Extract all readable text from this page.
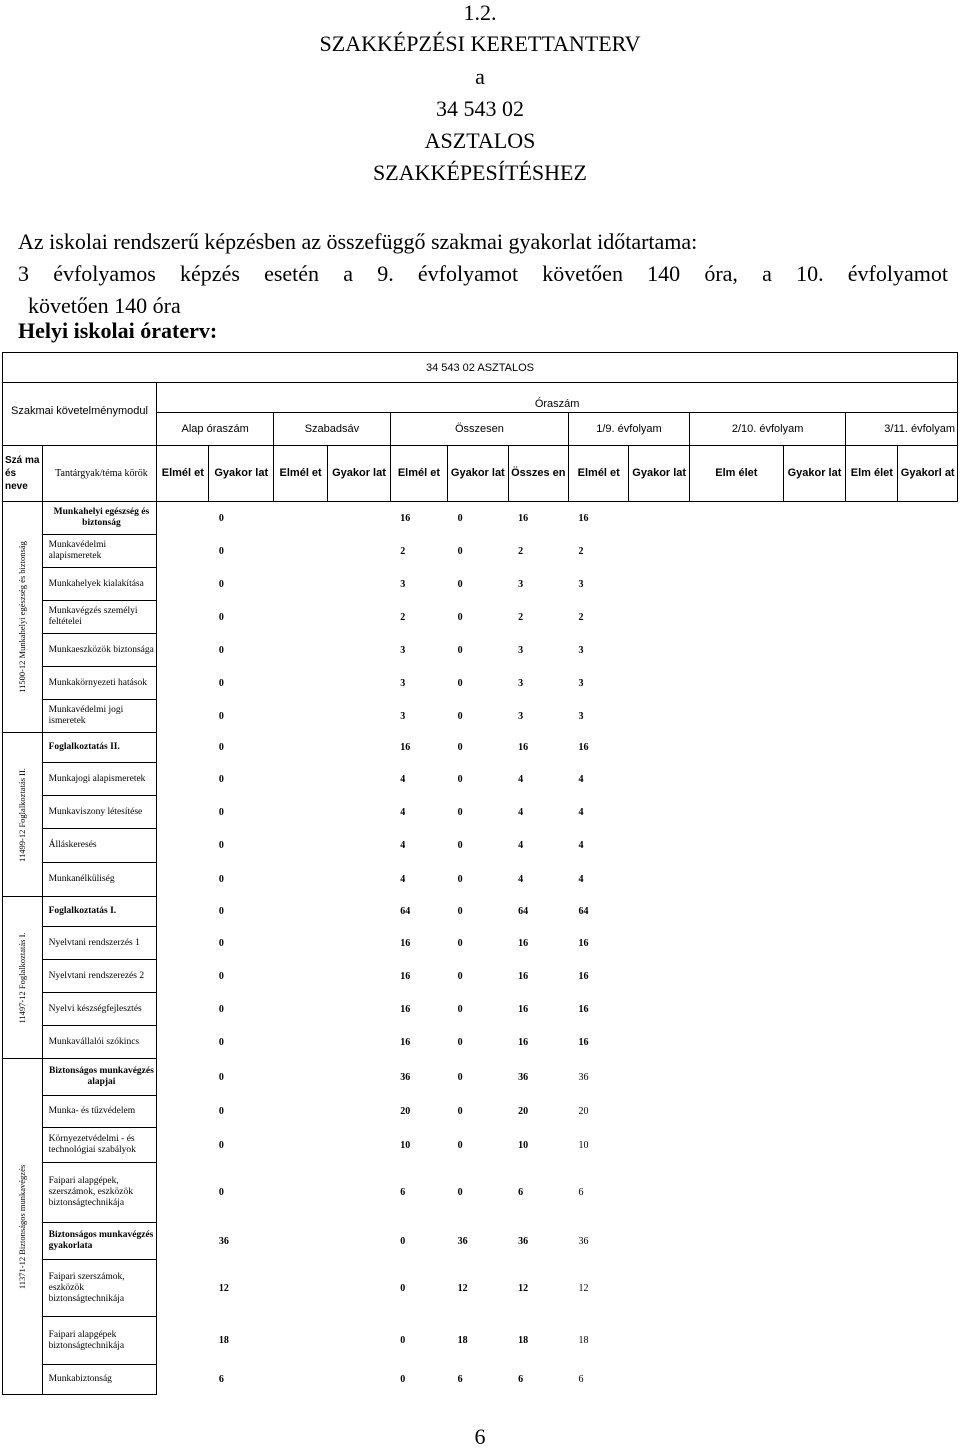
1.2.
SZAKKÉPZÉSI KERETTANTERV
a
34 543 02
ASZTALOS
SZAKKÉPESÍTÉSHEZ
Az iskolai rendszerű képzésben az összefüggő szakmai gyakorlat időtartama:
3 évfolyamos képzés esetén a 9. évfolyamot követően 140 óra, a 10. évfolyamot
követően 140 óra
Helyi iskolai óraterv:
34 543 02 ASZTALOS														
Szakmai követelménymodul		Óraszám												
		Alap óraszám		Szabadsáv		Összesen			1/9. évfolyam		2/10. évfolyam		3/11. évfolyam	
Szá ma és neve	Tantárgyak/téma körök	Elmél et	Gyakor lat	Elmél et	Gyakor lat	Elmél et	Gyakor lat	Összes en	Elmél et	Gyakor lat	Elm élet	Gyakor lat	Elm élet	Gyakorl at

11500-12 Munkahelyi egészség és biztonság	Munkahelyi egészség és biztonság		0			16	0	16	16					
	Munkavédelmi alapismeretek		0			2	0	2	2					
	Munkahelyek kialakítása		0			3	0	3	3					
	Munkavégzés személyi feltételei		0			2	0	2	2					
	Munkaeszközök biztonsága		0			3	0	3	3					
	Munkakörnyezeti hatások		0			3	0	3	3					
	Munkavédelmi jogi ismeretek		0			3	0	3	3					

11499-12 Foglalkoztatás II.	Foglalkoztatás II.		0			16	0	16	16					
	Munkajogi alapismeretek		0			4	0	4	4					
	Munkaviszony létesítése		0			4	0	4	4					
	Álláskeresés		0			4	0	4	4					
	Munkanélküliség		0			4	0	4	4					

11497-12 Foglalkoztatás I.	Foglalkoztatás I.		0			64	0	64	64					
	Nyelvtani rendszerzés 1		0			16	0	16	16					
	Nyelvtani rendszerezés 2		0			16	0	16	16					
	Nyelvi készségfejlesztés		0			16	0	16	16					
	Munkavállalói szókincs		0			16	0	16	16					

11371-12 Biztonságos munkavégzés	Biztonságos munkavégzés alapjai		0			36	0	36	36					
	Munka- és tűzvédelem		0			20	0	20	20					
	Környezetvédelmi - és technológiai szabályok		0			10	0	10	10					
	Faipari alapgépek, szerszámok, eszközök biztonságtechnikája		0			6	0	6	6					
	Biztonságos munkavégzés gyakorlata		36			0	36	36	36					
	Faipari szerszámok, eszközök biztonságtechnikája		12			0	12	12	12					
	Faipari alapgépek biztonságtechnikája		18			0	18	18	18					
	Munkabiztonság		6			0	6	6	6					
6
